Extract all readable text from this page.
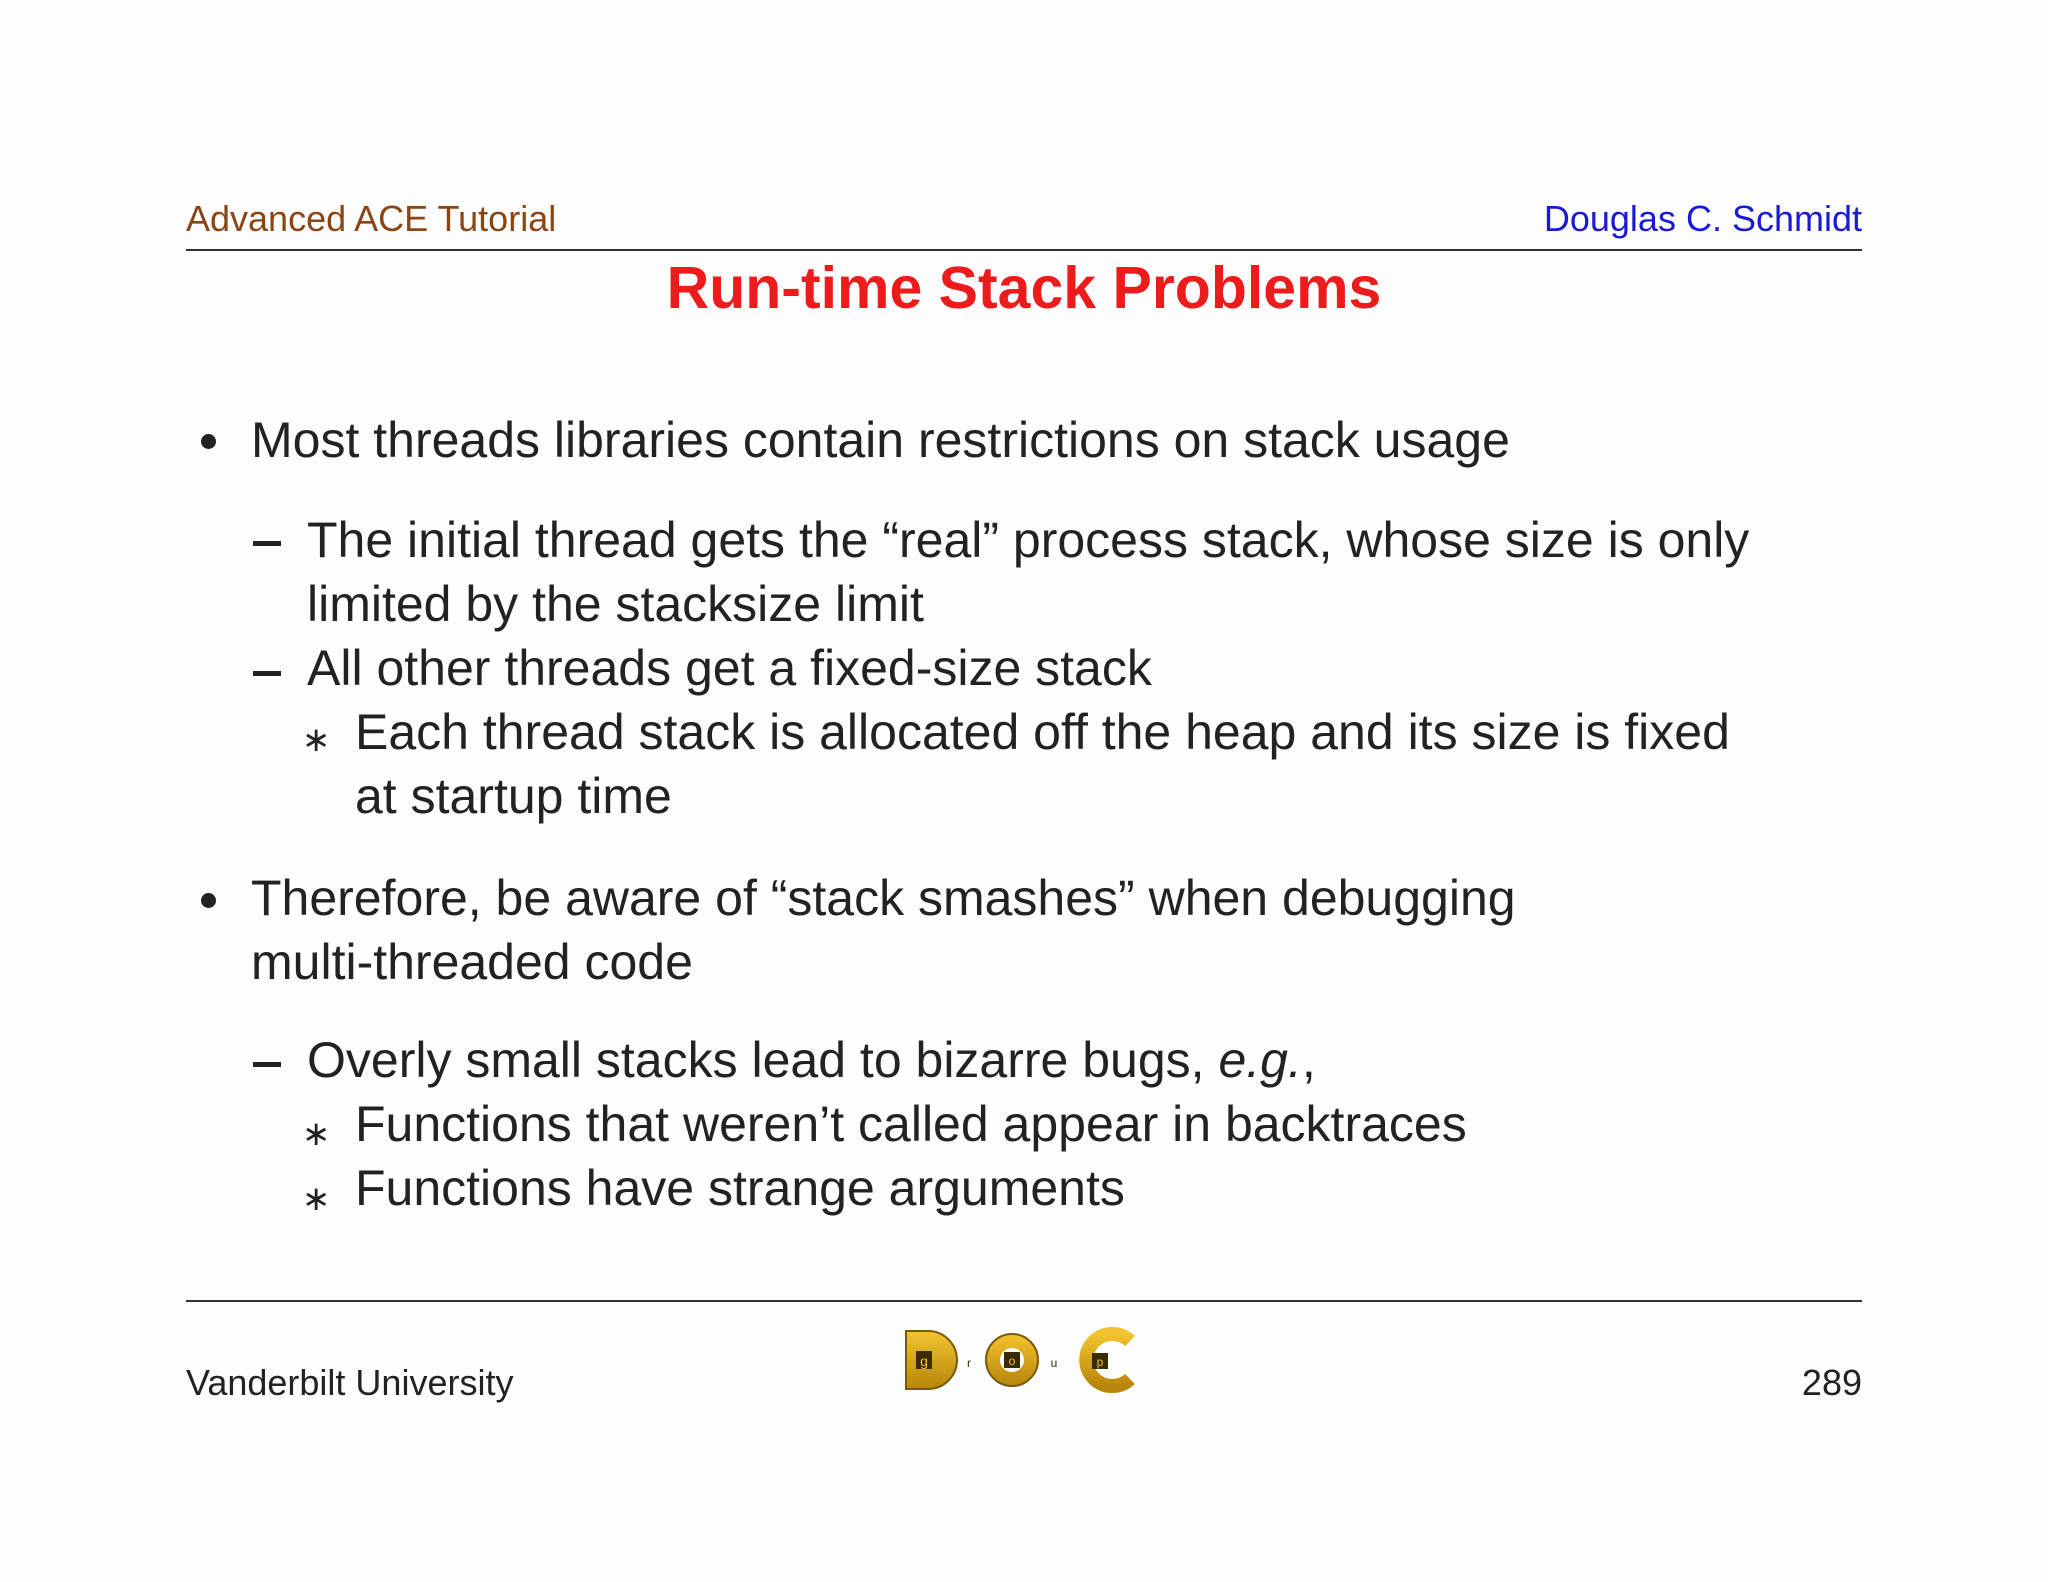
Advanced ACE Tutorial	Douglas C. Schmidt
Run-time Stack Problems
Most threads libraries contain restrictions on stack usage
The initial thread gets the “real” process stack, whose size is only
limited by the stacksize limit
All other threads get a fixed-size stack
∗ Each thread stack is allocated off the heap and its size is fixed
at startup time
Therefore, be aware of “stack smashes” when debugging
multi-threaded code
Overly small stacks lead to bizarre bugs, e.g.,
∗ Functions that weren’t called appear in backtraces
∗ Functions have strange arguments
Vanderbilt University
g	r	o	u	p	289
